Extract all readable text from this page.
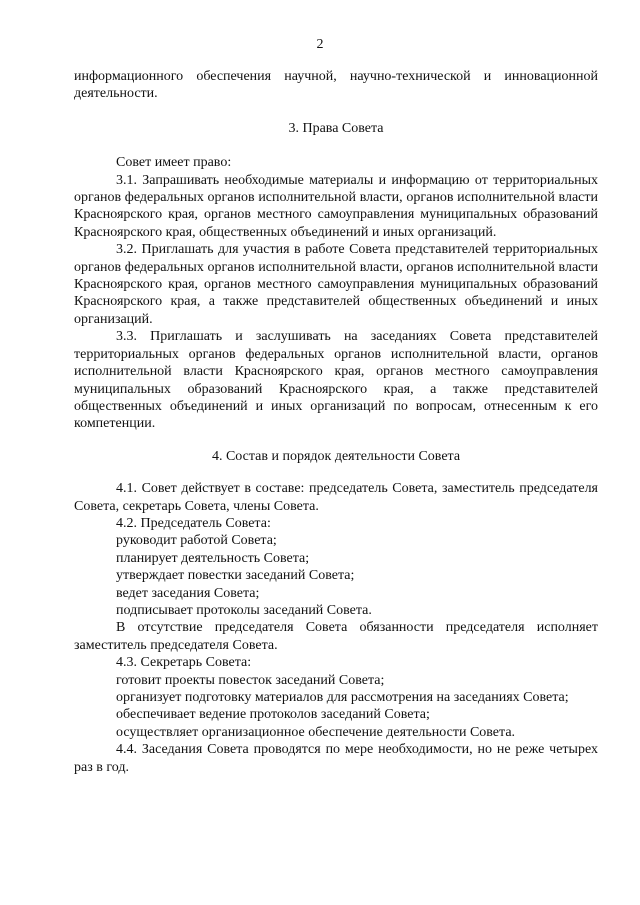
2

информационного обеспечения научной, научно-технической и инновационной деятельности.

3. Права Совета

Совет имеет право:

3.1. Запрашивать необходимые материалы и информацию от территориальных органов федеральных органов исполнительной власти, органов исполнительной власти Красноярского края, органов местного самоуправления муниципальных образований Красноярского края, общественных объединений и иных организаций.

3.2. Приглашать для участия в работе Совета представителей территориальных органов федеральных органов исполнительной власти, органов исполнительной власти Красноярского края, органов местного самоуправления муниципальных образований Красноярского края, а также представителей общественных объединений и иных организаций.

3.3. Приглашать и заслушивать на заседаниях Совета представителей территориальных органов федеральных органов исполнительной власти, органов исполнительной власти Красноярского края, органов местного самоуправления муниципальных образований Красноярского края, а также представителей общественных объединений и иных организаций по вопросам, отнесенным к его компетенции.

4. Состав и порядок деятельности Совета

4.1. Совет действует в составе: председатель Совета, заместитель председателя Совета, секретарь Совета, члены Совета.

4.2. Председатель Совета:

руководит работой Совета;

планирует деятельность Совета;

утверждает повестки заседаний Совета;

ведет заседания Совета;

подписывает протоколы заседаний Совета.

В отсутствие председателя Совета обязанности председателя исполняет заместитель председателя Совета.

4.3. Секретарь Совета:

готовит проекты повесток заседаний Совета;

организует подготовку материалов для рассмотрения на заседаниях Совета;

обеспечивает ведение протоколов заседаний Совета;

осуществляет организационное обеспечение деятельности Совета.

4.4. Заседания Совета проводятся по мере необходимости, но не реже четырех раз в год.
